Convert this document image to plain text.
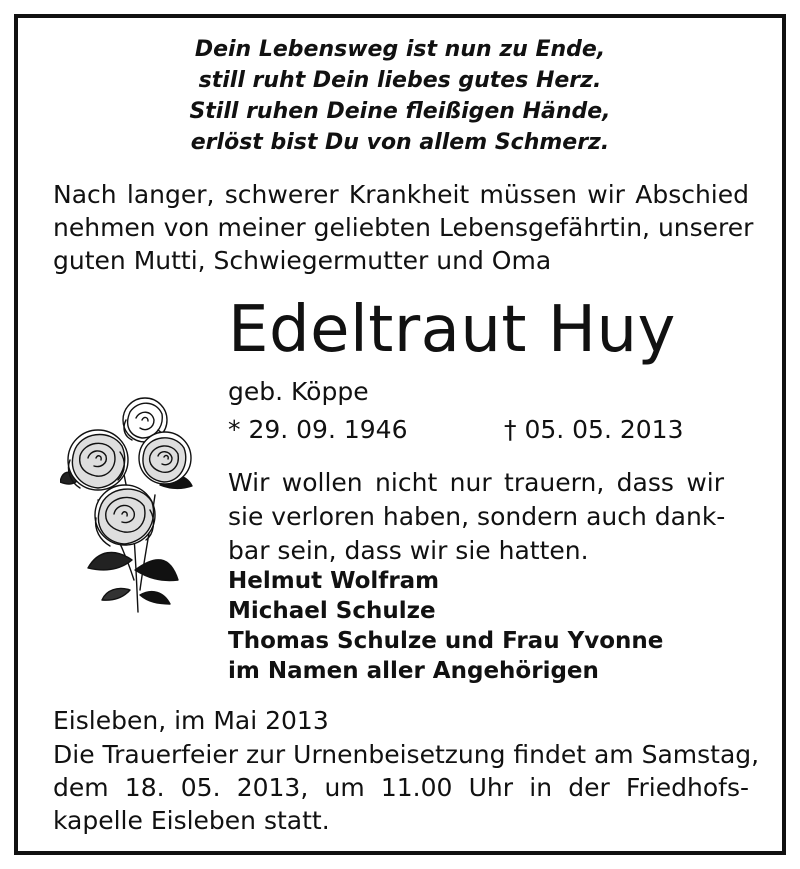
Dein Lebensweg ist nun zu Ende,
still ruht Dein liebes gutes Herz.
Still ruhen Deine fleißigen Hände,
erlöst bist Du von allem Schmerz.
Nach langer, schwerer Krankheit müssen wir Abschied
nehmen von meiner geliebten Lebensgefährtin, unserer
guten Mutti, Schwiegermutter und Oma
Edeltraut Huy
geb. Köppe
* 29. 09. 1946	† 05. 05. 2013
Wir wollen nicht nur trauern, dass wir
sie verloren haben, sondern auch dank-
bar sein, dass wir sie hatten.
Helmut Wolfram
Michael Schulze
Thomas Schulze und Frau Yvonne
im Namen aller Angehörigen
Eisleben, im Mai 2013
Die Trauerfeier zur Urnenbeisetzung findet am Samstag,
dem 18. 05. 2013, um 11.00 Uhr in der Friedhofs-
kapelle Eisleben statt.
